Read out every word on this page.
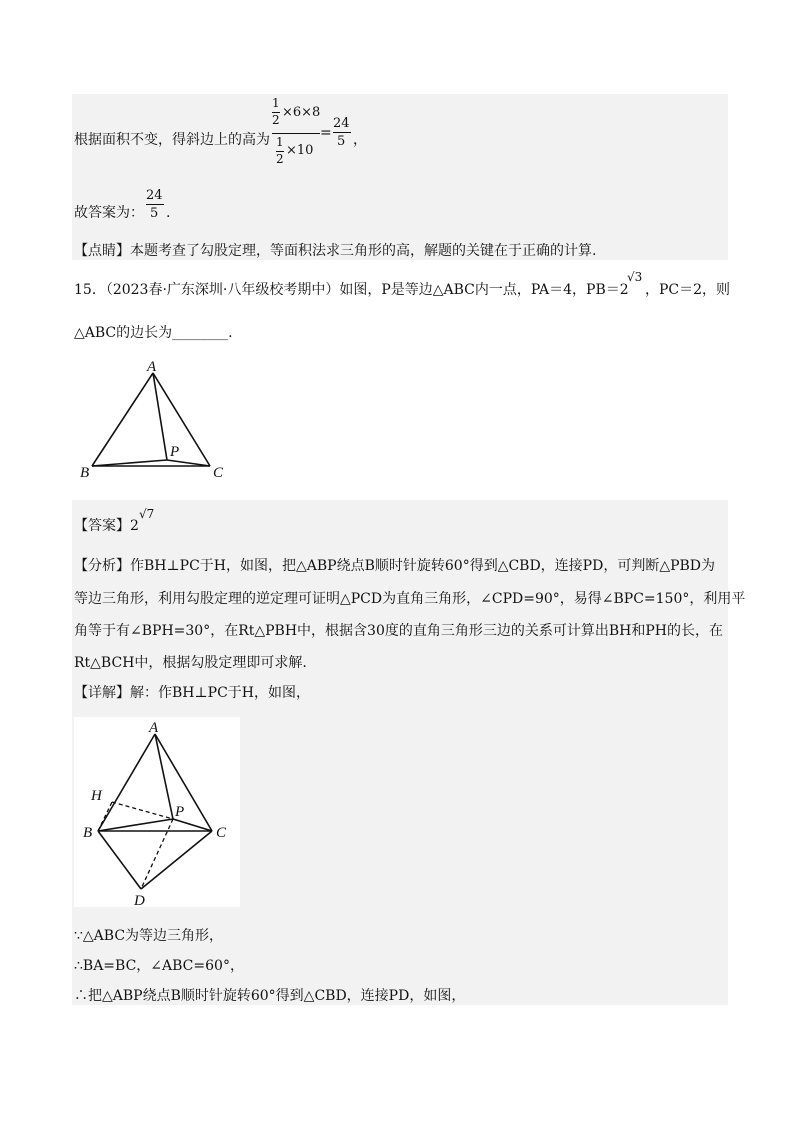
根据面积不变，得斜边上的高为
1
2 ×6×8
1
2
×10
=
24
5 ，
故答案为：
24
5 .
【点睛】本题考查了勾股定理，等面积法求三角形的高，解题的关键在于正确的计算.
15．（2023春·广东深圳·八年级校考期中）如图，P是等边△ABC内一点，PA＝4，PB＝2
√3
，PC＝2，则
△ABC的边长为________.
A
B	C
P
【答案】 2
√7
【分析】作BH⊥PC于H，如图，把△ABP绕点B顺时针旋转60°得到△CBD，连接PD，可判断△PBD为
等边三角形，利用勾股定理的逆定理可证明△PCD为直角三角形，∠CPD=90°，易得∠BPC=150°，利用平
角等于有∠BPH=30°，在Rt△PBH中，根据含30度的直角三角形三边的关系可计算出BH和PH的长，在
Rt△BCH中，根据勾股定理即可求解.
【详解】解：作BH⊥PC于H，如图，
A
H
P
B	C
D
∵△ABC为等边三角形，
∴BA=BC，∠ABC=60°，
∴把△ABP绕点B顺时针旋转60°得到△CBD，连接PD，如图，
